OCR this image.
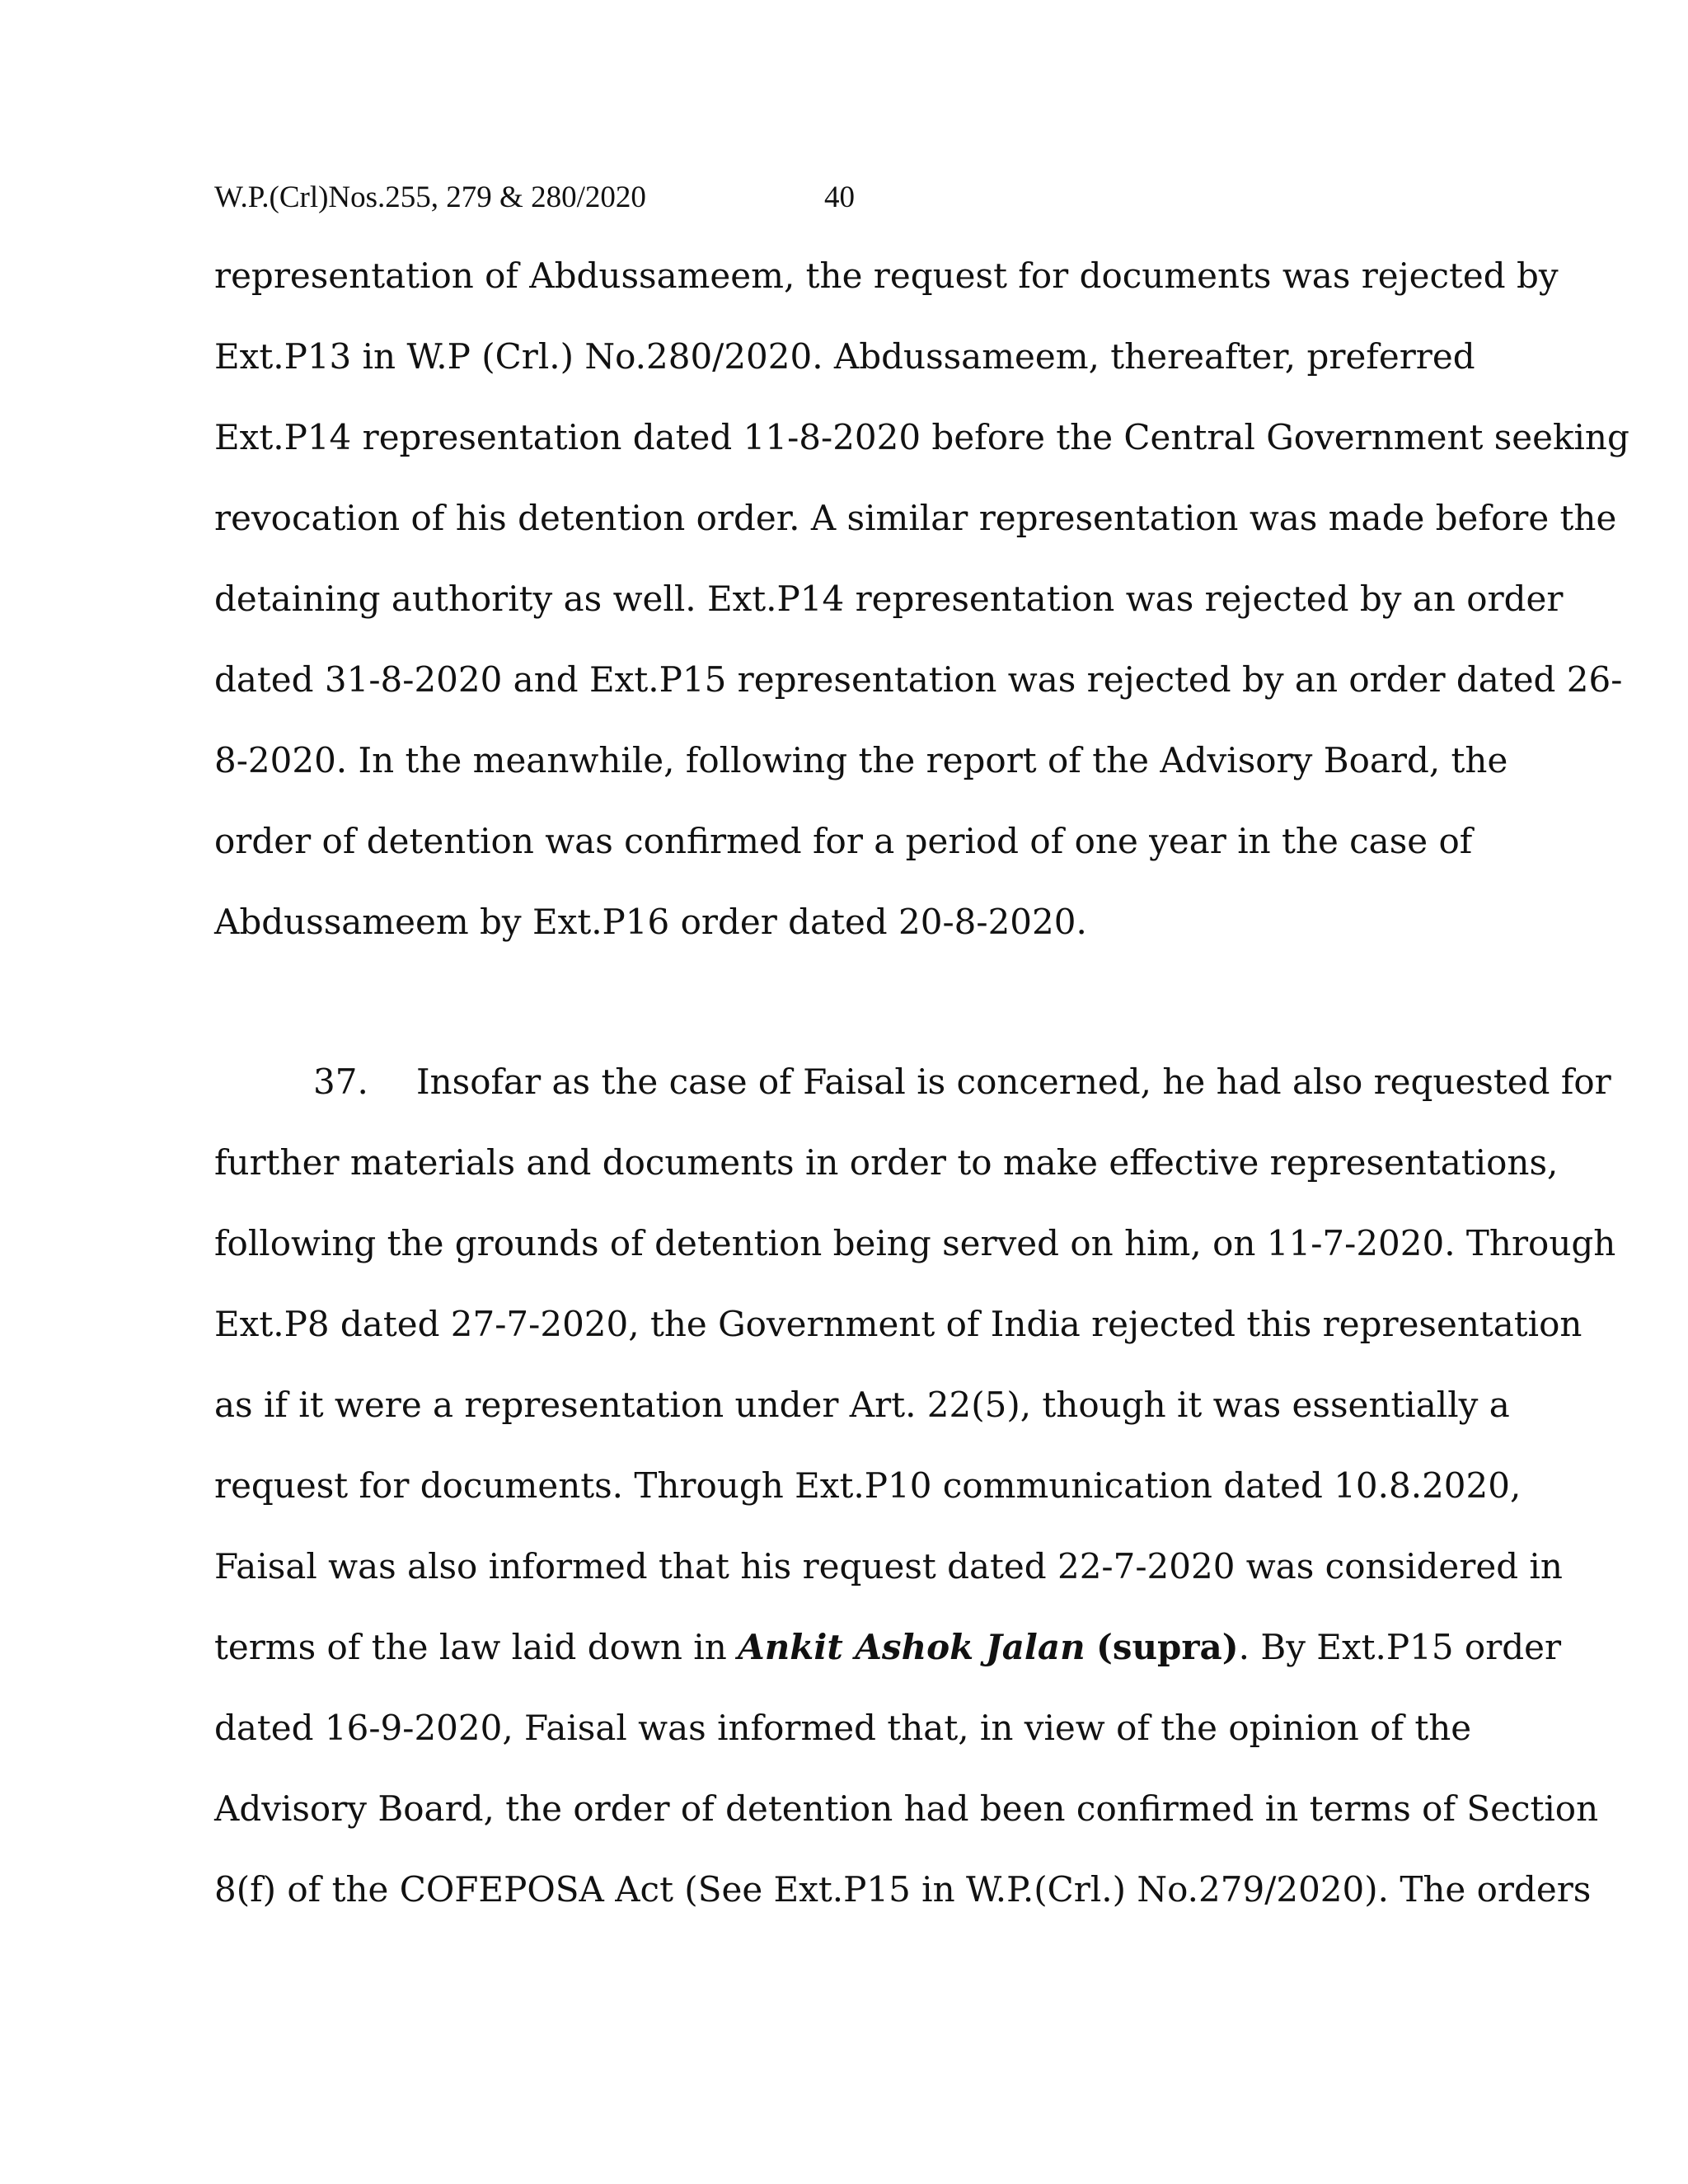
W.P.(Crl)Nos.255, 279 & 280/2020	40
representation of Abdussameem, the request for documents was rejected by
Ext.P13 in W.P (Crl.) No.280/2020. Abdussameem, thereafter, preferred
Ext.P14 representation dated 11-8-2020 before the Central Government seeking
revocation of his detention order. A similar representation was made before the
detaining authority as well. Ext.P14 representation was rejected by an order
dated 31-8-2020 and Ext.P15 representation was rejected by an order dated 26-
8-2020. In the meanwhile, following the report of the Advisory Board, the
order of detention was confirmed for a period of one year in the case of
Abdussameem by Ext.P16 order dated 20-8-2020.
37. Insofar as the case of Faisal is concerned, he had also requested for
further materials and documents in order to make effective representations,
following the grounds of detention being served on him, on 11-7-2020. Through
Ext.P8 dated 27-7-2020, the Government of India rejected this representation
as if it were a representation under Art. 22(5), though it was essentially a
request for documents. Through Ext.P10 communication dated 10.8.2020,
Faisal was also informed that his request dated 22-7-2020 was considered in
terms of the law laid down in Ankit Ashok Jalan (supra). By Ext.P15 order
dated 16-9-2020, Faisal was informed that, in view of the opinion of the
Advisory Board, the order of detention had been confirmed in terms of Section
8(f) of the COFEPOSA Act (See Ext.P15 in W.P.(Crl.) No.279/2020). The orders
